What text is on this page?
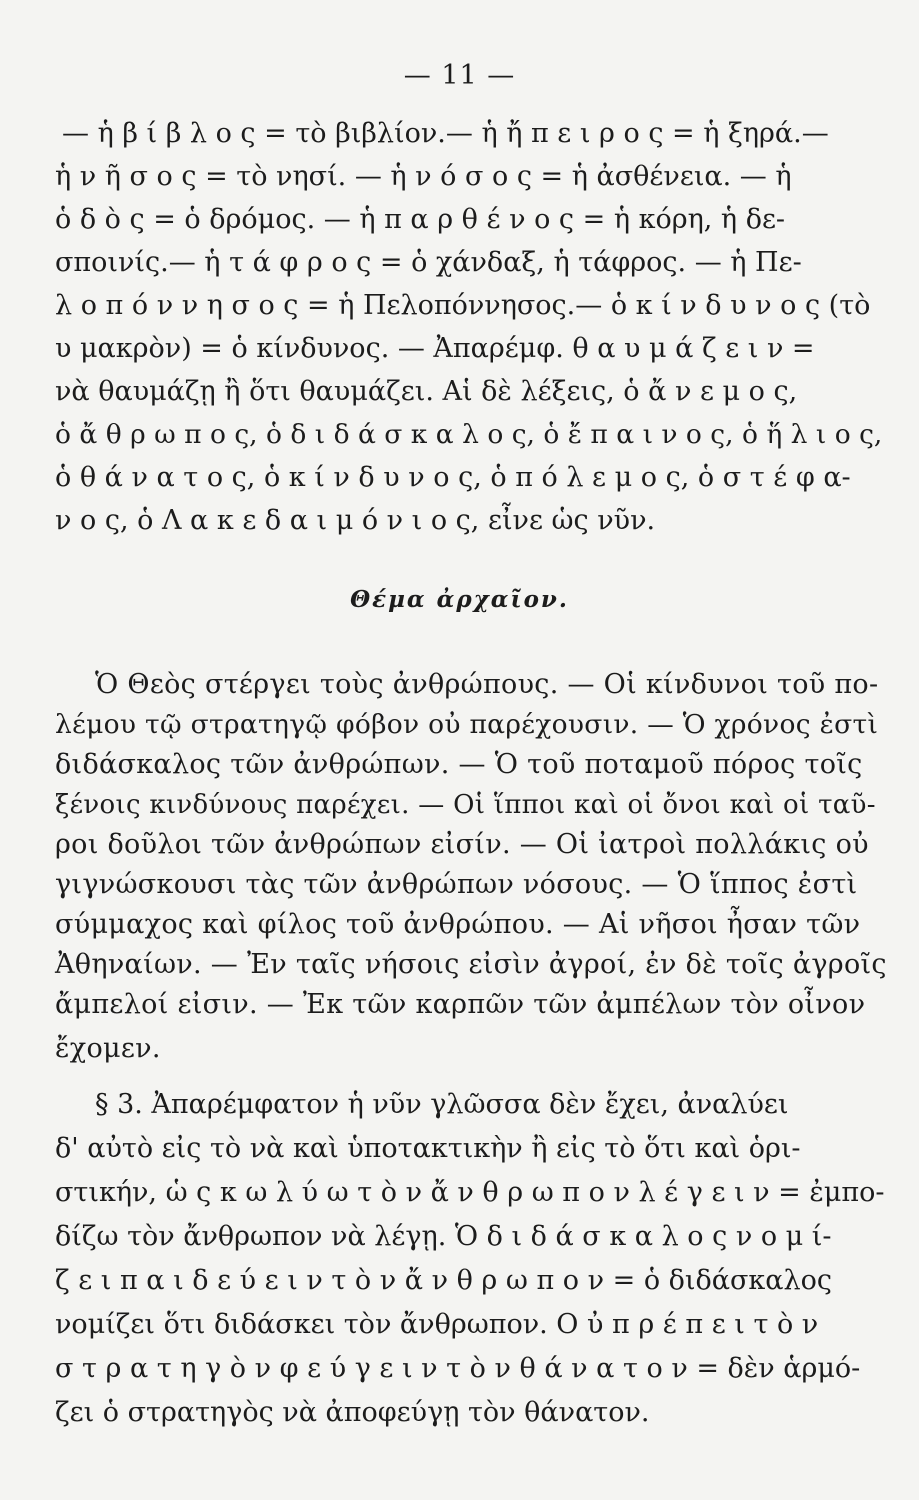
— 11 —
— ἡ β ί β λ ο ς = τὸ βιβλίον.— ἡ ἤ π ε ι ρ ο ς = ἡ ξηρά.—
ἡ ν ῆ σ ο ς = τὸ νησί. — ἡ ν ό σ ο ς = ἡ ἀσθένεια. — ἡ
ὁ δ ὸ ς = ὁ δρόμος. — ἡ π α ρ θ έ ν ο ς = ἡ κόρη, ἡ δε-
σποινίς.— ἡ τ ά φ ρ ο ς = ὁ χάνδαξ, ἡ τάφρος. — ἡ Πε-
λ ο π ό ν ν η σ ο ς = ἡ Πελοπόννησος.— ὁ κ ί ν δ υ ν ο ς (τὸ
υ μακρὸν) = ὁ κίνδυνος. — Ἀπαρέμφ. θ α υ μ ά ζ ε ι ν =
νὰ θαυμάζῃ ἢ ὅτι θαυμάζει. Αἱ δὲ λέξεις, ὁ ἄ ν ε μ ο ς,
ὁ ἄ θ ρ ω π ο ς, ὁ δ ι δ ά σ κ α λ ο ς, ὁ ἔ π α ι ν ο ς, ὁ ἥ λ ι ο ς,
ὁ θ ά ν α τ ο ς, ὁ κ ί ν δ υ ν ο ς, ὁ π ό λ ε μ ο ς, ὁ σ τ έ φ α-
ν ο ς, ὁ Λ α κ ε δ α ι μ ό ν ι ο ς, εἶνε ὡς νῦν.
Θέμα ἀρχαῖον.
Ὁ Θεὸς στέργει τοὺς ἀνθρώπους. — Οἱ κίνδυνοι τοῦ πο-
λέμου τῷ στρατηγῷ φόβον οὐ παρέχουσιν. — Ὁ χρόνος ἐστὶ
διδάσκαλος τῶν ἀνθρώπων. — Ὁ τοῦ ποταμοῦ πόρος τοῖς
ξένοις κινδύνους παρέχει. — Οἱ ἵπποι καὶ οἱ ὄνοι καὶ οἱ ταῦ-
ροι δοῦλοι τῶν ἀνθρώπων εἰσίν. — Οἱ ἰατροὶ πολλάκις οὐ
γιγνώσκουσι τὰς τῶν ἀνθρώπων νόσους. — Ὁ ἵππος ἐστὶ
σύμμαχος καὶ φίλος τοῦ ἀνθρώπου. — Αἱ νῆσοι ἦσαν τῶν
Ἀθηναίων. — Ἐν ταῖς νήσοις εἰσὶν ἀγροί, ἐν δὲ τοῖς ἀγροῖς
ἄμπελοί εἰσιν. — Ἐκ τῶν καρπῶν τῶν ἀμπέλων τὸν οἶνον
ἔχομεν.
§ 3. Ἀπαρέμφατον ἡ νῦν γλῶσσα δὲν ἔχει, ἀναλύει
δ' αὐτὸ εἰς τὸ νὰ καὶ ὑποτακτικὴν ἢ εἰς τὸ ὅτι καὶ ὁρι-
στικήν, ὡ ς κ ω λ ύ ω τ ὸ ν ἄ ν θ ρ ω π ο ν λ έ γ ε ι ν = ἐμπο-
δίζω τὸν ἄνθρωπον νὰ λέγῃ. Ὁ δ ι δ ά σ κ α λ ο ς ν ο μ ί-
ζ ε ι π α ι δ ε ύ ε ι ν τ ὸ ν ἄ ν θ ρ ω π ο ν = ὁ διδάσκαλος
νομίζει ὅτι διδάσκει τὸν ἄνθρωπον. Ο ὐ π ρ έ π ε ι τ ὸ ν
σ τ ρ α τ η γ ὸ ν φ ε ύ γ ε ι ν τ ὸ ν θ ά ν α τ ο ν = δὲν ἁρμό-
ζει ὁ στρατηγὸς νὰ ἀποφεύγῃ τὸν θάνατον.
